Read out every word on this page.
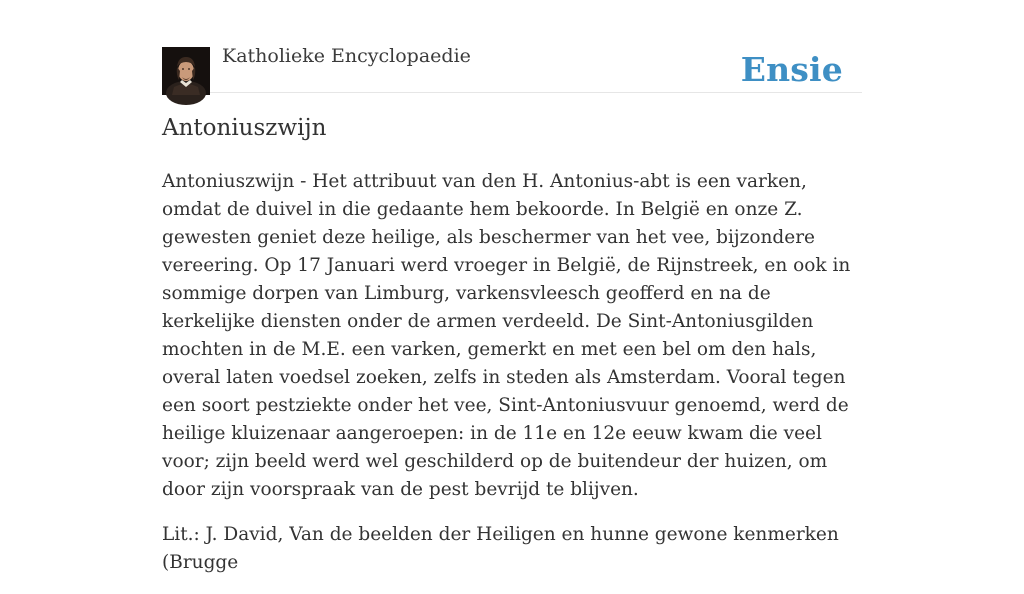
Katholieke Encyclopaedie	Ensie
Antoniuszwijn

Antoniuszwijn - Het attribuut van den H. Antonius-abt is een varken, omdat de duivel in die gedaante hem bekoorde. In België en onze Z. gewesten geniet deze heilige, als beschermer van het vee, bijzondere vereering. Op 17 Januari werd vroeger in België, de Rijnstreek, en ook in sommige dorpen van Limburg, varkensvleesch geofferd en na de kerkelijke diensten onder de armen verdeeld. De Sint-Antoniusgilden mochten in de M.E. een varken, gemerkt en met een bel om den hals, overal laten voedsel zoeken, zelfs in steden als Amsterdam. Vooral tegen een soort pestziekte onder het vee, Sint-Antoniusvuur genoemd, werd de heilige kluizenaar aangeroepen: in de 11e en 12e eeuw kwam die veel voor; zijn beeld werd wel geschilderd op de buitendeur der huizen, om door zijn voorspraak van de pest bevrijd te blijven.

Lit.: J. David, Van de beelden der Heiligen en hunne gewone kenmerken (Brugge
